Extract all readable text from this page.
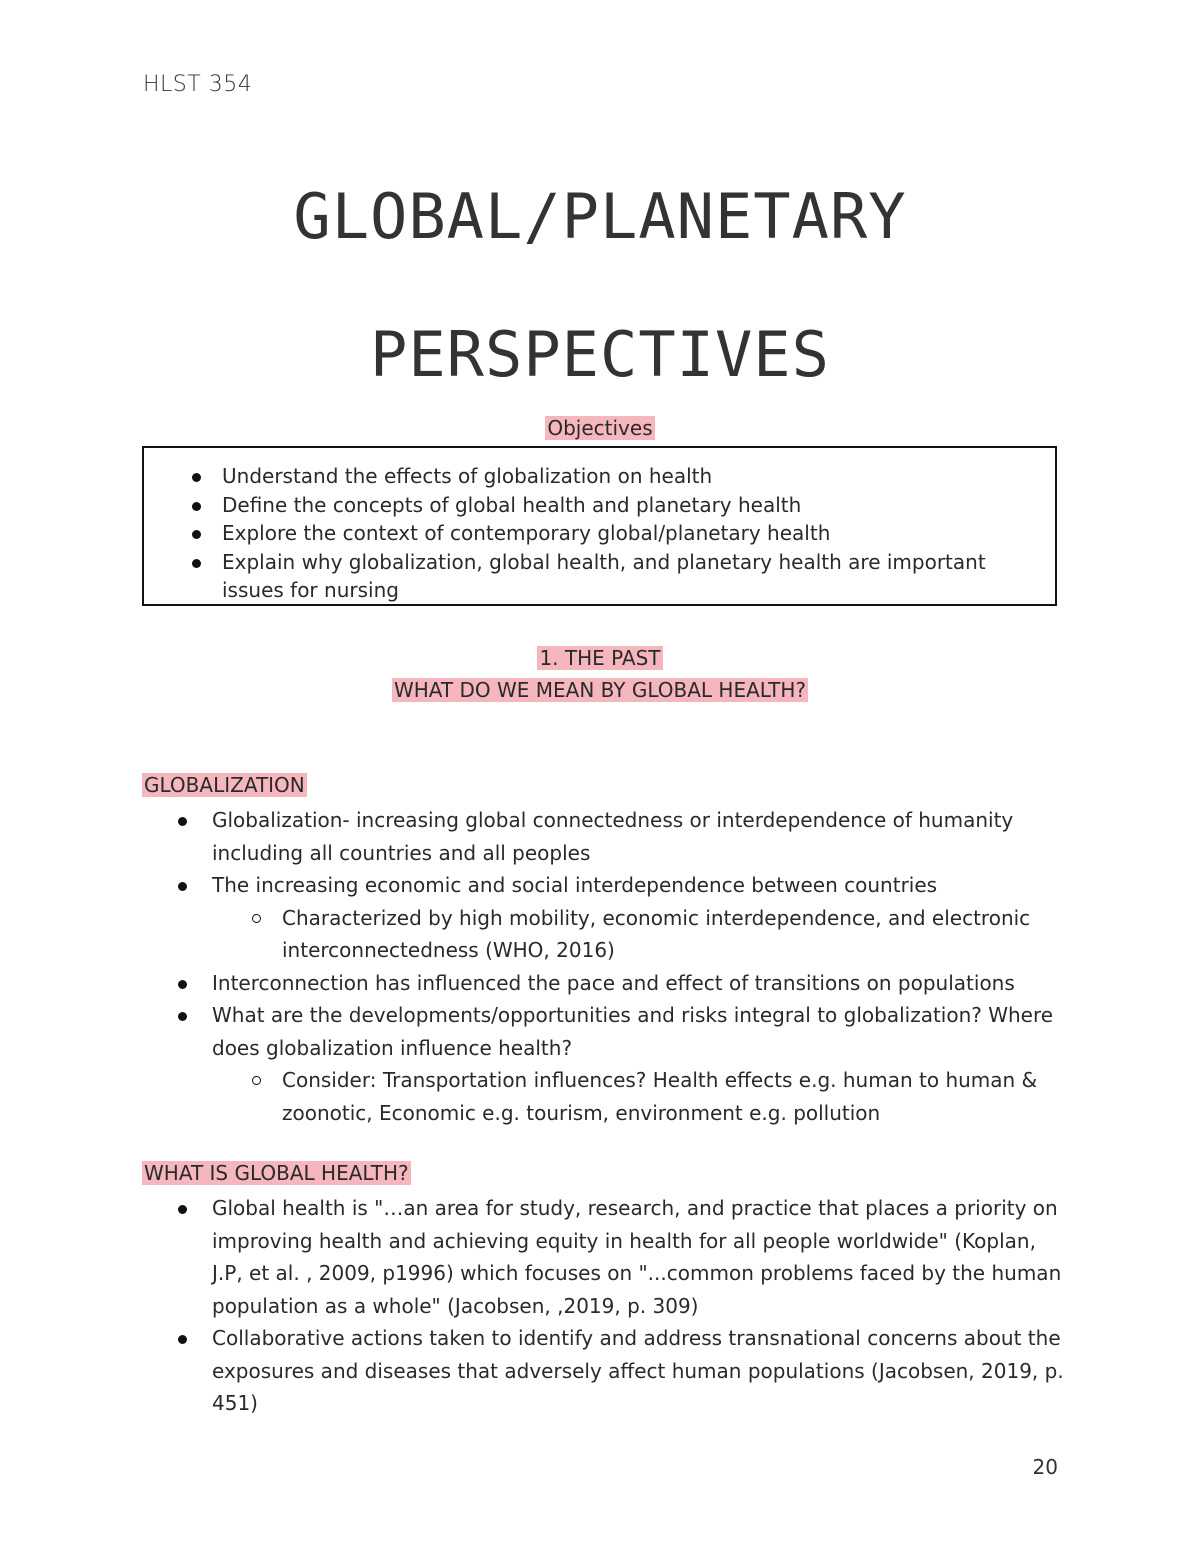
HLST 354
GLOBAL/PLANETARY
PERSPECTIVES
Objectives
Understand the effects of globalization on health
Define the concepts of global health and planetary health
Explore the context of contemporary global/planetary health
Explain why globalization, global health, and planetary health are important issues for nursing
1. THE PAST
WHAT DO WE MEAN BY GLOBAL HEALTH?
GLOBALIZATION
Globalization- increasing global connectedness or interdependence of humanity including all countries and all peoples
The increasing economic and social interdependence between countries
Characterized by high mobility, economic interdependence, and electronic interconnectedness (WHO, 2016)
Interconnection has influenced the pace and effect of transitions on populations
What are the developments/opportunities and risks integral to globalization? Where does globalization influence health?
Consider: Transportation influences? Health effects e.g. human to human & zoonotic, Economic e.g. tourism, environment e.g. pollution
WHAT IS GLOBAL HEALTH?
Global health is "…an area for study, research, and practice that places a priority on improving health and achieving equity in health for all people worldwide" (Koplan, J.P, et al. , 2009, p1996) which focuses on "...common problems faced by the human population as a whole" (Jacobsen, ,2019, p. 309)
Collaborative actions taken to identify and address transnational concerns about the exposures and diseases that adversely affect human populations (Jacobsen, 2019, p. 451)
20
